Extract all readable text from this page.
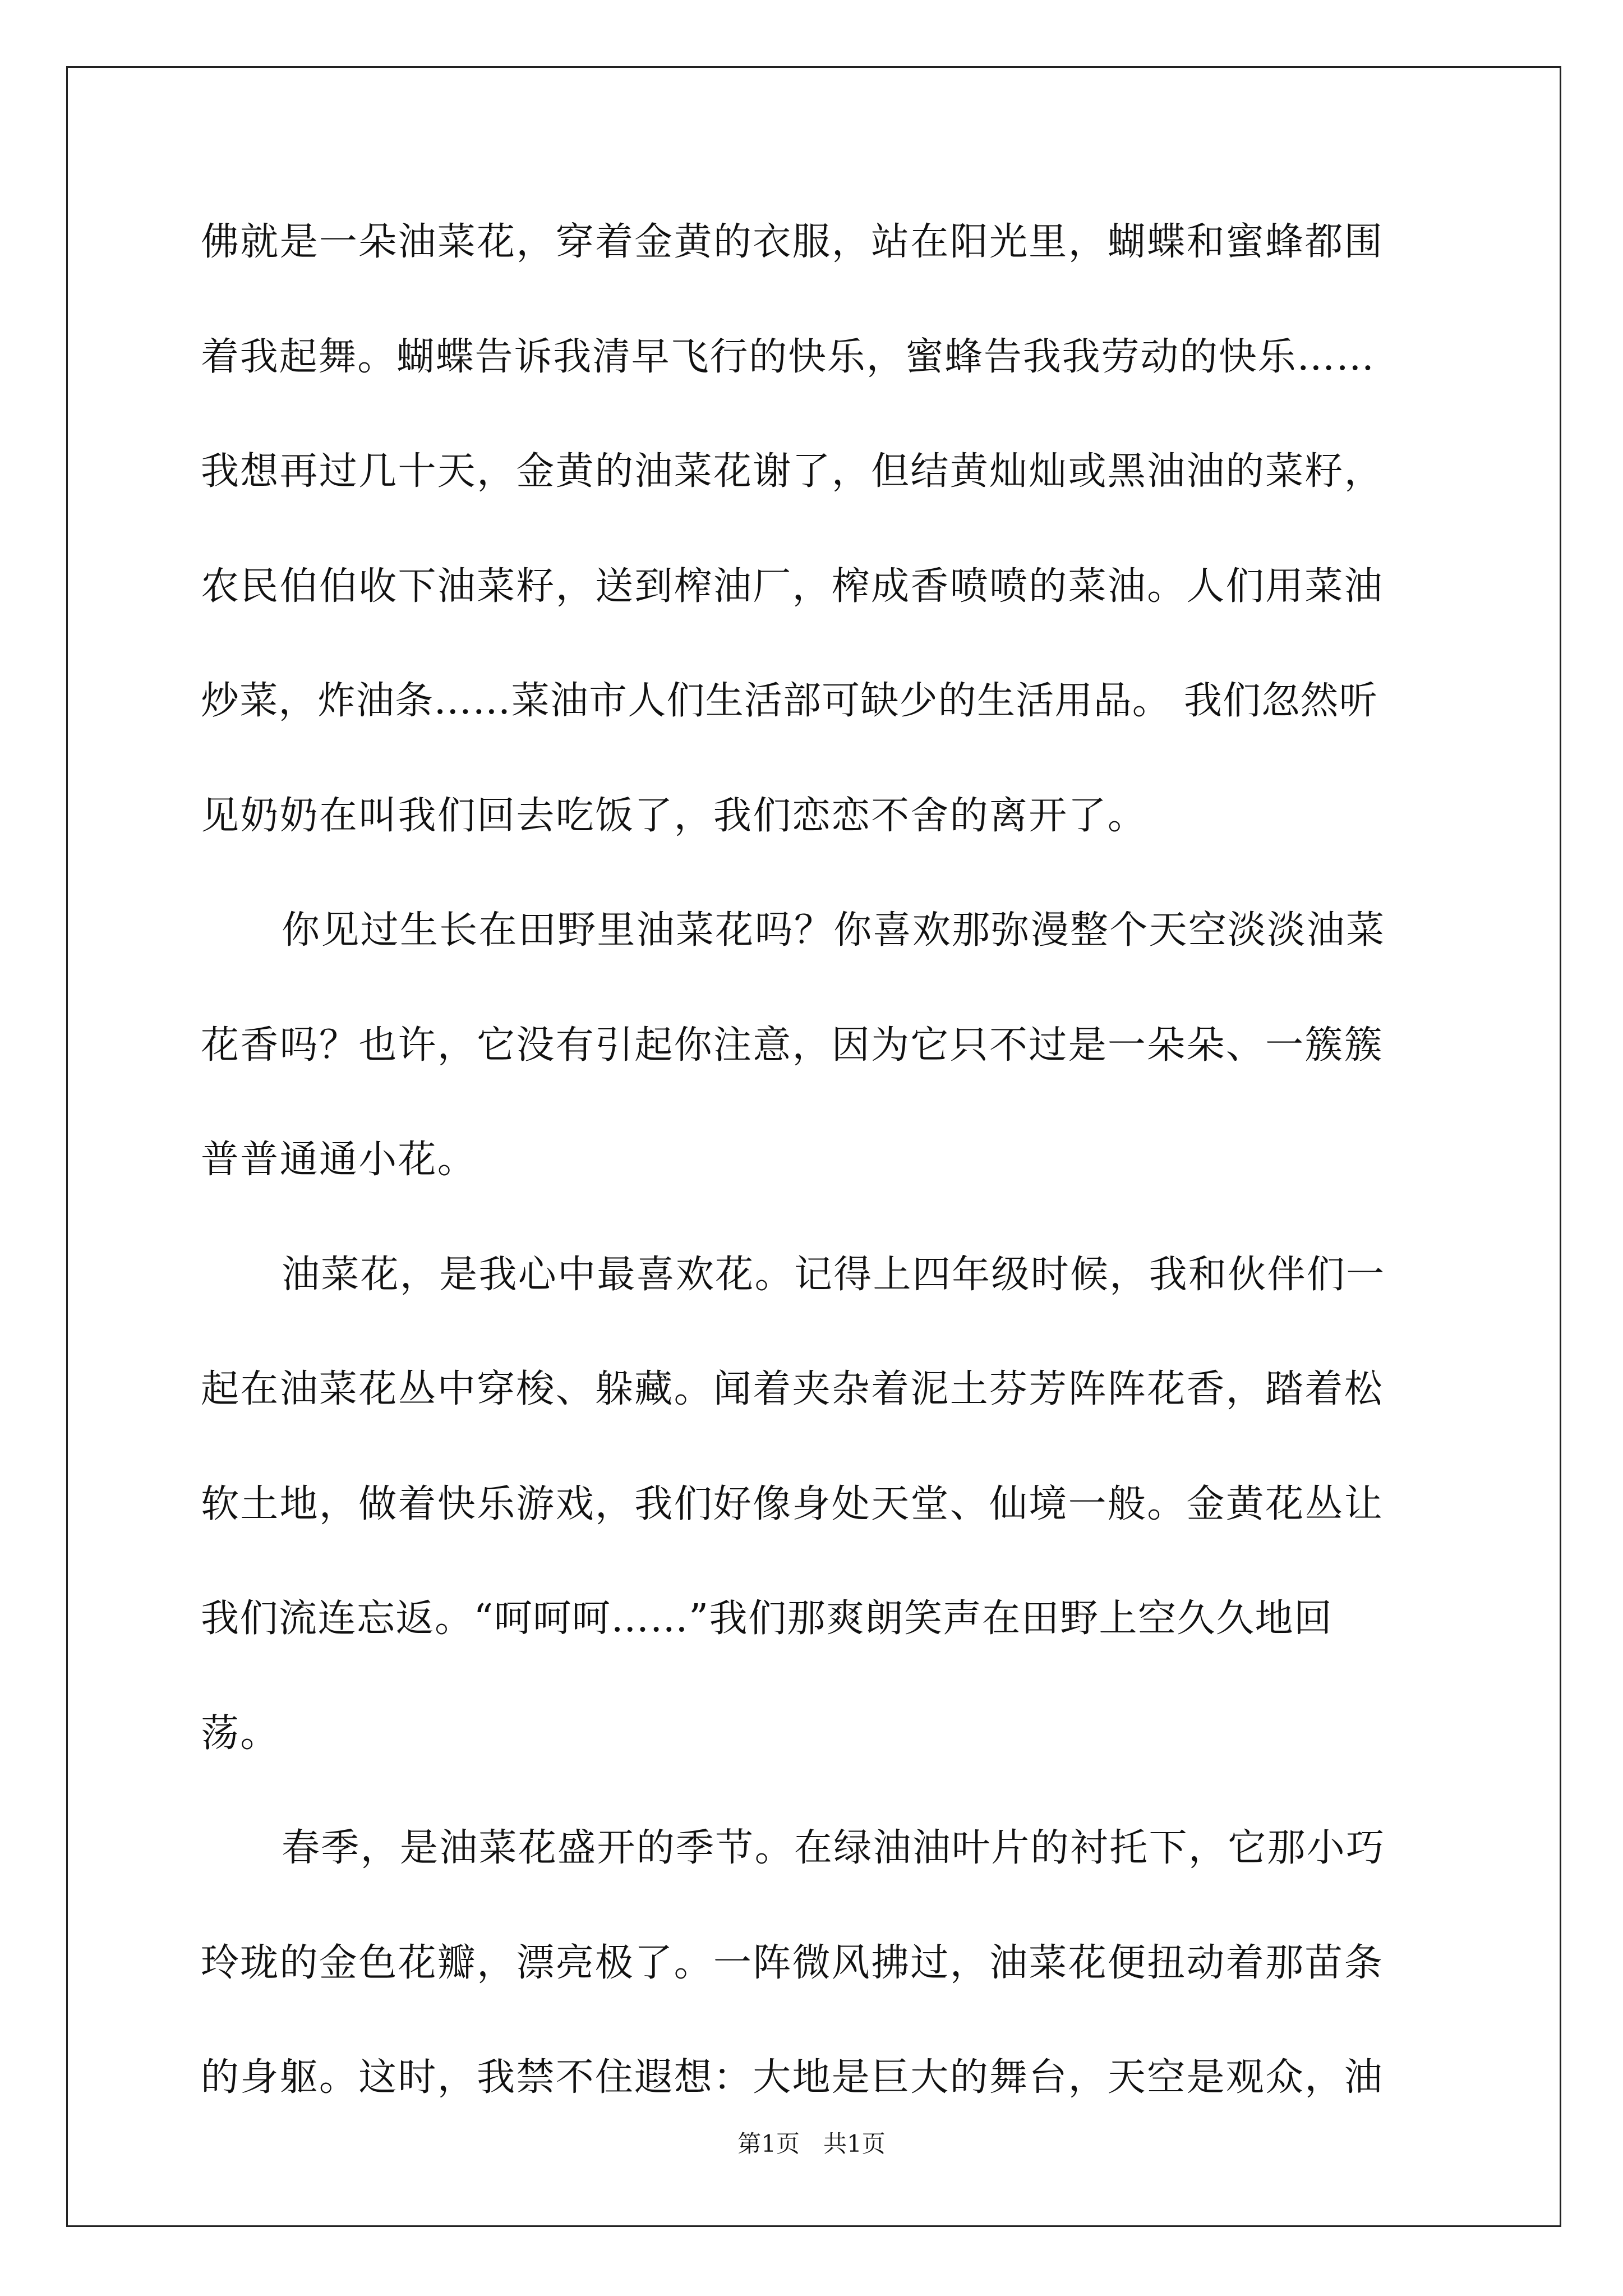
佛就是一朵油菜花，穿着金黄的衣服，站在阳光里，蝴蝶和蜜蜂都围
着我起舞。蝴蝶告诉我清早飞行的快乐，蜜蜂告我我劳动的快乐……
我想再过几十天，金黄的油菜花谢了，但结黄灿灿或黑油油的菜籽，
农民伯伯收下油菜籽，送到榨油厂，榨成香喷喷的菜油。人们用菜油
炒菜，炸油条……菜油市人们生活部可缺少的生活用品。 我们忽然听
见奶奶在叫我们回去吃饭了，我们恋恋不舍的离开了。
你见过生长在田野里油菜花吗？你喜欢那弥漫整个天空淡淡油菜
花香吗？也许，它没有引起你注意，因为它只不过是一朵朵、一簇簇
普普通通小花。
油菜花，是我心中最喜欢花。记得上四年级时候，我和伙伴们一
起在油菜花丛中穿梭、躲藏。闻着夹杂着泥土芬芳阵阵花香，踏着松
软土地，做着快乐游戏，我们好像身处天堂、仙境一般。金黄花丛让
我们流连忘返。“呵呵呵……”我们那爽朗笑声在田野上空久久地回
荡。
春季，是油菜花盛开的季节。在绿油油叶片的衬托下，它那小巧
玲珑的金色花瓣，漂亮极了。一阵微风拂过，油菜花便扭动着那苗条
的身躯。这时，我禁不住遐想：大地是巨大的舞台，天空是观众，油
第1页　共1页
